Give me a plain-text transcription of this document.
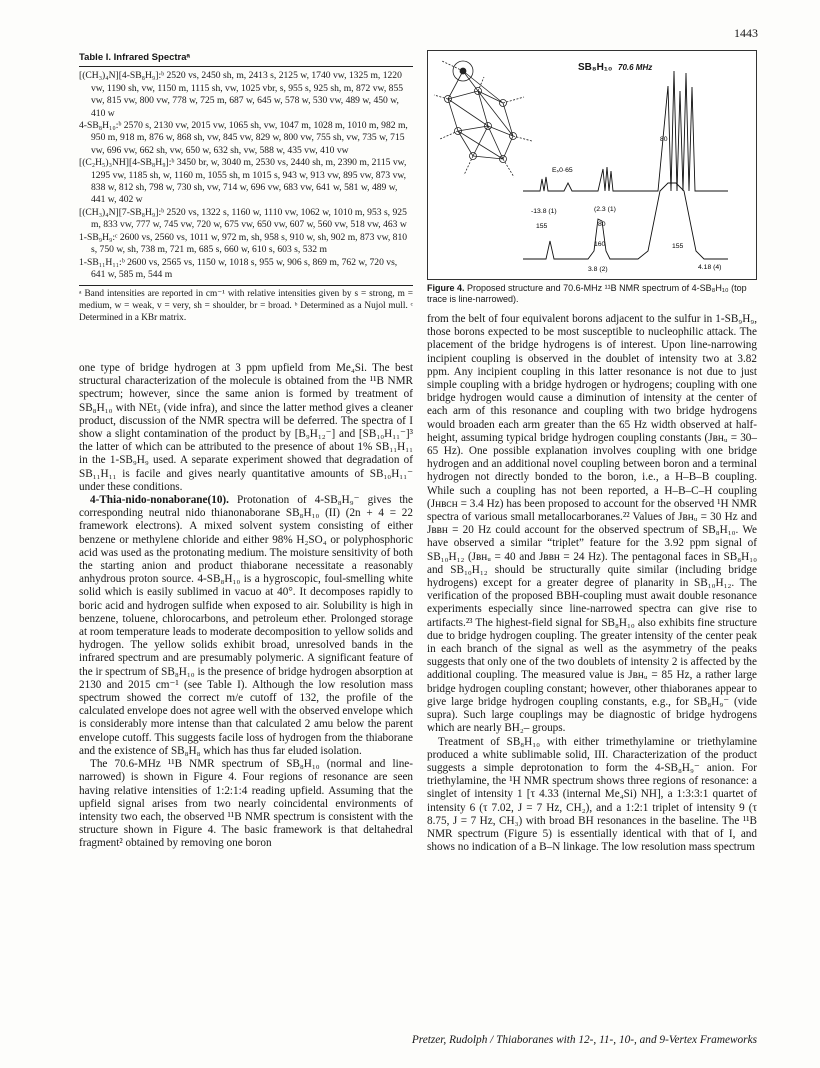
1443
Table I. Infrared Spectraᵃ
[(CH₃)₄N][4-SB₈H₉]:ᵇ 2520 vs, 2450 sh, m, 2413 s, 2125 w, 1740 vw, 1325 m, 1220 vw, 1190 sh, vw, 1150 m, 1115 sh, vw, 1025 vbr, s, 955 s, 925 sh, m, 872 vw, 855 vw, 815 vw, 800 vw, 778 w, 725 m, 687 w, 645 w, 578 w, 530 vw, 489 w, 450 w, 410 w
4-SB₈H₁₀:ᵇ 2570 s, 2130 vw, 2015 vw, 1065 sh, vw, 1047 m, 1028 m, 1010 m, 982 m, 950 m, 918 m, 876 w, 868 sh, vw, 845 vw, 829 w, 800 vw, 755 sh, vw, 735 w, 715 vw, 696 vw, 662 sh, vw, 650 w, 632 sh, vw, 588 w, 435 vw, 410 vw
[(C₂H₅)₃NH][4-SB₈H₉]:ᵇ 3450 br, w, 3040 m, 2530 vs, 2440 sh, m, 2390 m, 2115 vw, 1295 vw, 1185 sh, w, 1160 m, 1055 sh, m 1015 s, 943 w, 913 vw, 895 vw, 873 vw, 838 w, 812 sh, 798 w, 730 sh, vw, 714 w, 696 vw, 683 vw, 641 w, 581 w, 489 w, 441 w, 402 w
[(CH₃)₄N][7-SB₈H₉]:ᵇ 2520 vs, 1322 s, 1160 w, 1110 vw, 1062 w, 1010 m, 953 s, 925 m, 833 vw, 777 w, 745 vw, 720 w, 675 vw, 650 vw, 607 w, 560 vw, 518 vw, 463 w
1-SB₉H₉:ᶜ 2600 vs, 2560 vs, 1011 w, 972 m, sh, 958 s, 910 w, sh, 902 m, 873 vw, 810 s, 750 w, sh, 738 m, 721 m, 685 s, 660 w, 610 s, 603 s, 532 m
1-SB₁₁H₁₁:ᵇ 2600 vs, 2565 vs, 1150 w, 1018 s, 955 w, 906 s, 869 m, 762 w, 720 vs, 641 w, 585 m, 544 m
ᵃ Band intensities are reported in cm⁻¹ with relative intensities given by s = strong, m = medium, w = weak, v = very, sh = shoulder, br = broad. ᵇ Determined as a Nujol mull. ᶜ Determined in a KBr matrix.
80
Eₛ0·65
-13.8 (1)
155
(2.3 (1)
80
160	155
3.8 (2)	4.18 (4)
SB₈H₁₀ 70.6 MHz
Figure 4. Proposed structure and 70.6-MHz ¹¹B NMR spectrum of 4-SB₈H₁₀ (top trace is line-narrowed).

one type of bridge hydrogen at 3 ppm upfield from Me₄Si. The best structural characterization of the molecule is obtained from the ¹¹B NMR spectrum; however, since the same anion is formed by treatment of SB₈H₁₀ with NEt₃ (vide infra), and since the latter method gives a cleaner product, discussion of the NMR spectra will be deferred. The spectra of I show a slight contamination of the product by [B₉H₁₂⁻] and [SB₁₀H₁₁⁻]³ the latter of which can be attributed to the presence of about 1% SB₁₁H₁₁ in the 1-SB₉H₉ used. A separate experiment showed that degradation of SB₁₁H₁₁ is facile and gives nearly quantitative amounts of SB₁₀H₁₁⁻ under these conditions.

4-Thia-nido-nonaborane(10). Protonation of 4-SB₈H₉⁻ gives the corresponding neutral nido thianonaborane SB₈H₁₀ (II) (2n + 4 = 22 framework electrons). A mixed solvent system consisting of either benzene or methylene chloride and either 98% H₂SO₄ or polyphosphoric acid was used as the protonating medium. The moisture sensitivity of both the starting anion and product thiaborane necessitate a reasonably anhydrous proton source. 4-SB₈H₁₀ is a hygroscopic, foul-smelling white solid which is easily sublimed in vacuo at 40°. It decomposes rapidly to boric acid and hydrogen sulfide when exposed to air. Solubility is high in benzene, toluene, chlorocarbons, and petroleum ether. Prolonged storage at room temperature leads to moderate decomposition to yellow solids and hydrogen. The yellow solids exhibit broad, unresolved bands in the infrared spectrum and are presumably polymeric. A significant feature of the ir spectrum of SB₈H₁₀ is the presence of bridge hydrogen absorption at 2130 and 2015 cm⁻¹ (see Table I). Although the low resolution mass spectrum showed the correct m/e cutoff of 132, the profile of the calculated envelope does not agree well with the observed envelope which is considerably more intense than that calculated 2 amu below the parent envelope cutoff. This suggests facile loss of hydrogen from the thiaborane and the existence of SB₈H₈ which has thus far eluded isolation.

The 70.6-MHz ¹¹B NMR spectrum of SB₈H₁₀ (normal and line-narrowed) is shown in Figure 4. Four regions of resonance are seen having relative intensities of 1:2:1:4 reading upfield. Assuming that the upfield signal arises from two nearly coincidental environments of intensity two each, the observed ¹¹B NMR spectrum is consistent with the structure shown in Figure 4. The basic framework is that deltahedral fragment² obtained by removing one boron

from the belt of four equivalent borons adjacent to the sulfur in 1-SB₉H₉, those borons expected to be most susceptible to nucleophilic attack. The placement of the bridge hydrogens is of interest. Upon line-narrowing incipient coupling is observed in the doublet of intensity two at 3.82 ppm. Any incipient coupling in this latter resonance is not due to just simple coupling with a bridge hydrogen or hydrogens; coupling with one bridge hydrogen would cause a diminution of intensity at the center of each arm of this resonance and coupling with two bridge hydrogens would broaden each arm greater than the 65 Hz width observed at half-height, assuming typical bridge hydrogen coupling constants (Jʙʜᵤ = 30–65 Hz). One possible explanation involves coupling with one bridge hydrogen and an additional novel coupling between boron and a terminal hydrogen not directly bonded to the boron, i.e., a H–B–B coupling. While such a coupling has not been reported, a H–B–C–H coupling (Jʜʙᴄʜ = 3.4 Hz) has been proposed to account for the observed ¹H NMR spectra of various small metallocarboranes.²² Values of Jʙʜᵤ = 30 Hz and Jʙʙʜ = 20 Hz could account for the observed spectrum of SB₈H₁₀. We have observed a similar “triplet” feature for the 3.92 ppm signal of SB₁₀H₁₂ (Jʙʜᵤ = 40 and Jʙʙʜ = 24 Hz). The pentagonal faces in SB₈H₁₀ and SB₁₀H₁₂ should be structurally quite similar (including bridge hydrogens) except for a greater degree of planarity in SB₁₀H₁₂. The verification of the proposed BBH-coupling must await double resonance experiments especially since line-narrowed spectra can give rise to artifacts.²³ The highest-field signal for SB₈H₁₀ also exhibits fine structure due to bridge hydrogen coupling. The greater intensity of the center peak in each branch of the signal as well as the asymmetry of the peaks suggests that only one of the two doublets of intensity 2 is affected by the additional coupling. The measured value is Jʙʜᵤ = 85 Hz, a rather large bridge hydrogen coupling constant; however, other thiaboranes appear to give large bridge hydrogen coupling constants, e.g., for SB₈H₉⁻ (vide supra). Such large couplings may be diagnostic of bridge hydrogens which are nearly BH₂– groups.

Treatment of SB₈H₁₀ with either trimethylamine or triethylamine produced a white sublimable solid, III. Characterization of the product suggests a simple deprotonation to form the 4-SB₈H₉⁻ anion. For triethylamine, the ¹H NMR spectrum shows three regions of resonance: a singlet of intensity 1 [τ 4.33 (internal Me₄Si) NH], a 1:3:3:1 quartet of intensity 6 (τ 7.02, J = 7 Hz, CH₂), and a 1:2:1 triplet of intensity 9 (τ 8.75, J = 7 Hz, CH₃) with broad BH resonances in the baseline. The ¹¹B NMR spectrum (Figure 5) is essentially identical with that of I, and shows no indication of a B–N linkage. The low resolution mass spectrum

Pretzer, Rudolph / Thiaboranes with 12-, 11-, 10-, and 9-Vertex Frameworks
